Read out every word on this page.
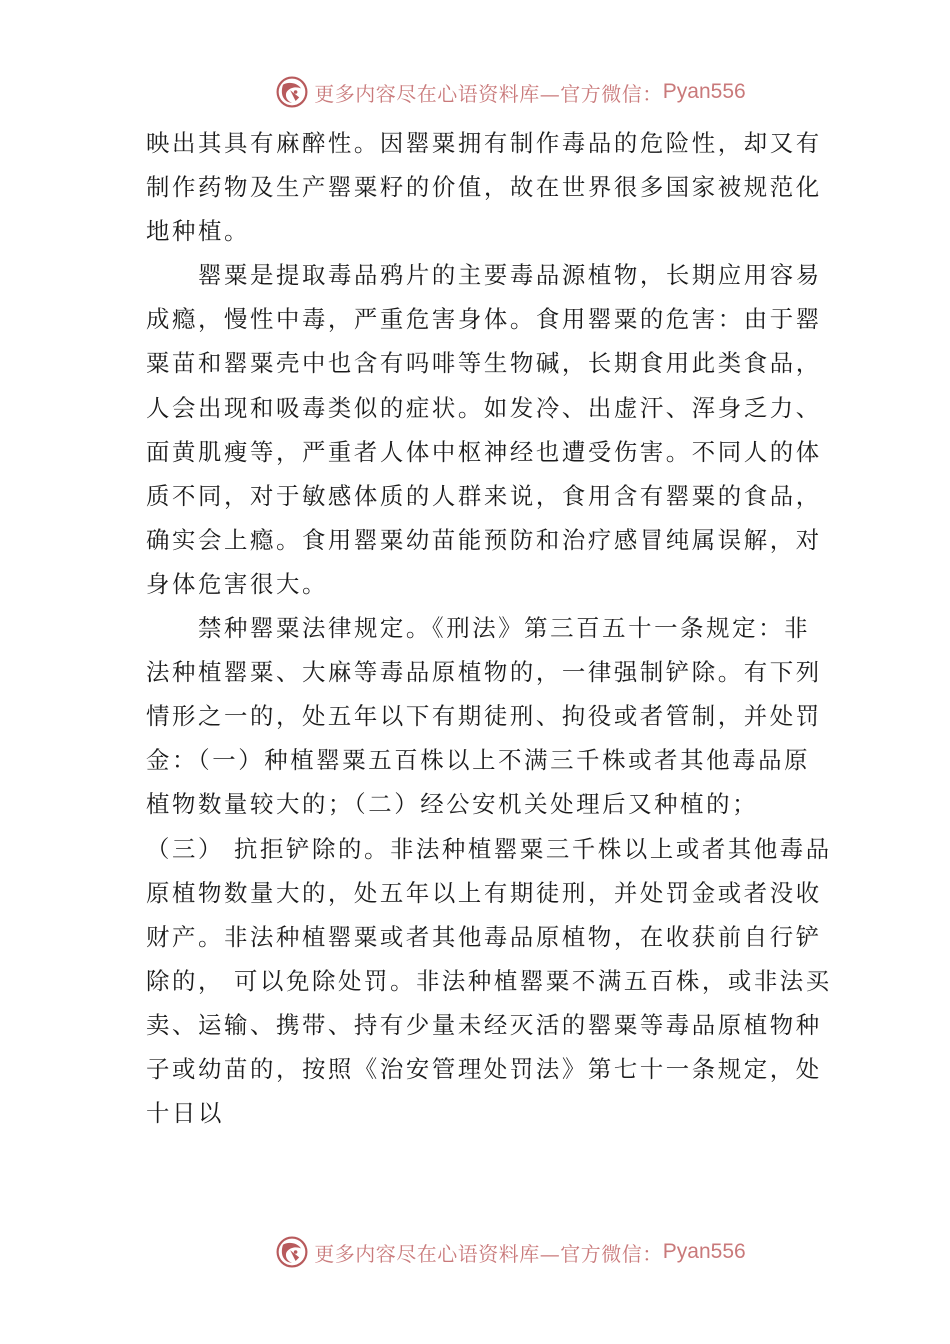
更多内容尽在心语资料库—官方微信： Pyan556

映出其具有麻醉性。因罂粟拥有制作毒品的危险性，却又有
制作药物及生产罂粟籽的价值，故在世界很多国家被规范化
地种植。

罂粟是提取毒品鸦片的主要毒品源植物，长期应用容易
成瘾，慢性中毒，严重危害身体。食用罂粟的危害：由于罂
粟苗和罂粟壳中也含有吗啡等生物碱，长期食用此类食品，
人会出现和吸毒类似的症状。如发冷、出虚汗、浑身乏力、
面黄肌瘦等，严重者人体中枢神经也遭受伤害。不同人的体
质不同，对于敏感体质的人群来说，食用含有罂粟的食品，
确实会上瘾。食用罂粟幼苗能预防和治疗感冒纯属误解，对
身体危害很大。

禁种罂粟法律规定。《刑法》第三百五十一条规定：非
法种植罂粟、大麻等毒品原植物的，一律强制铲除。有下列
情形之一的，处五年以下有期徒刑、拘役或者管制，并处罚
金：（一）种植罂粟五百株以上不满三千株或者其他毒品原
植物数量较大的；（二）经公安机关处理后又种植的；
（三） 抗拒铲除的。非法种植罂粟三千株以上或者其他毒品
原植物数量大的，处五年以上有期徒刑，并处罚金或者没收
财产。非法种植罂粟或者其他毒品原植物，在收获前自行铲
除的， 可以免除处罚。非法种植罂粟不满五百株，或非法买
卖、运输、携带、持有少量未经灭活的罂粟等毒品原植物种
子或幼苗的，按照《治安管理处罚法》第七十一条规定，处
十日以

更多内容尽在心语资料库—官方微信： Pyan556
